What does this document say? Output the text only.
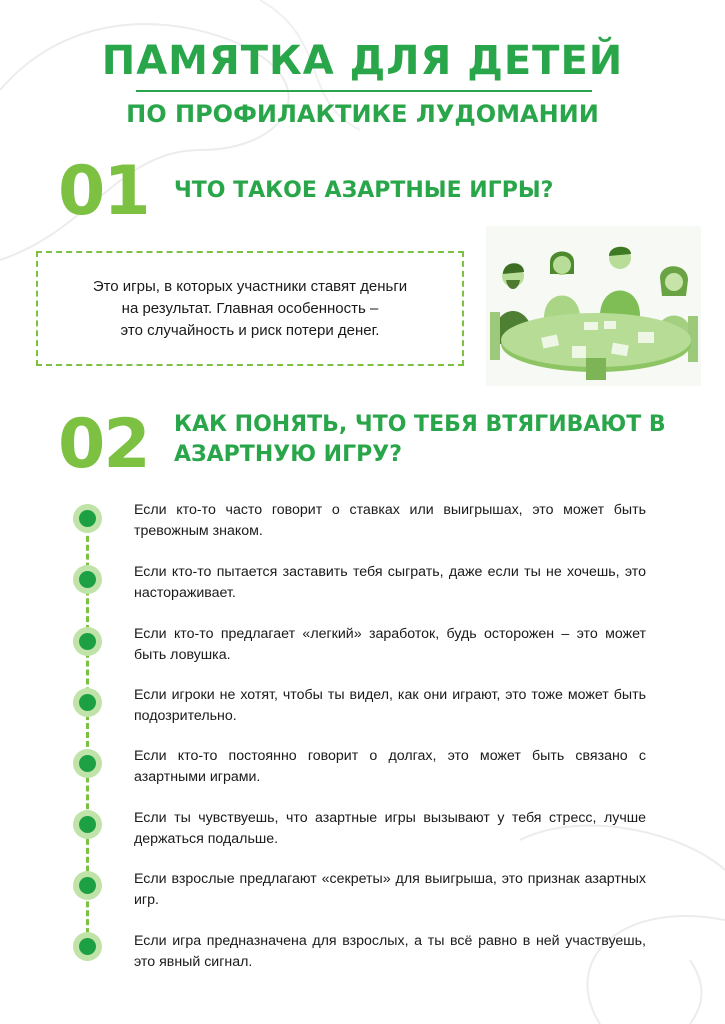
ПАМЯТКА ДЛЯ ДЕТЕЙ
ПО ПРОФИЛАКТИКЕ ЛУДОМАНИИ
01 ЧТО ТАКОЕ АЗАРТНЫЕ ИГРЫ?
Это игры, в которых участники ставят деньги
на результат. Главная особенность –
это случайность и риск потери денег.
02 КАК ПОНЯТЬ, ЧТО ТЕБЯ ВТЯГИВАЮТ В
АЗАРТНУЮ ИГРУ?
Если кто-то часто говорит о ставках или выигрышах, это может быть тревожным знаком.
Если кто-то пытается заставить тебя сыграть, даже если ты не хочешь, это настораживает.
Если кто-то предлагает «легкий» заработок, будь осторожен – это может быть ловушка.
Если игроки не хотят, чтобы ты видел, как они играют, это тоже может быть подозрительно.
Если кто-то постоянно говорит о долгах, это может быть связано с азартными играми.
Если ты чувствуешь, что азартные игры вызывают у тебя стресс, лучше держаться подальше.
Если взрослые предлагают «секреты» для выигрыша, это признак азартных игр.
Если игра предназначена для взрослых, а ты всё равно в ней участвуешь, это явный сигнал.
